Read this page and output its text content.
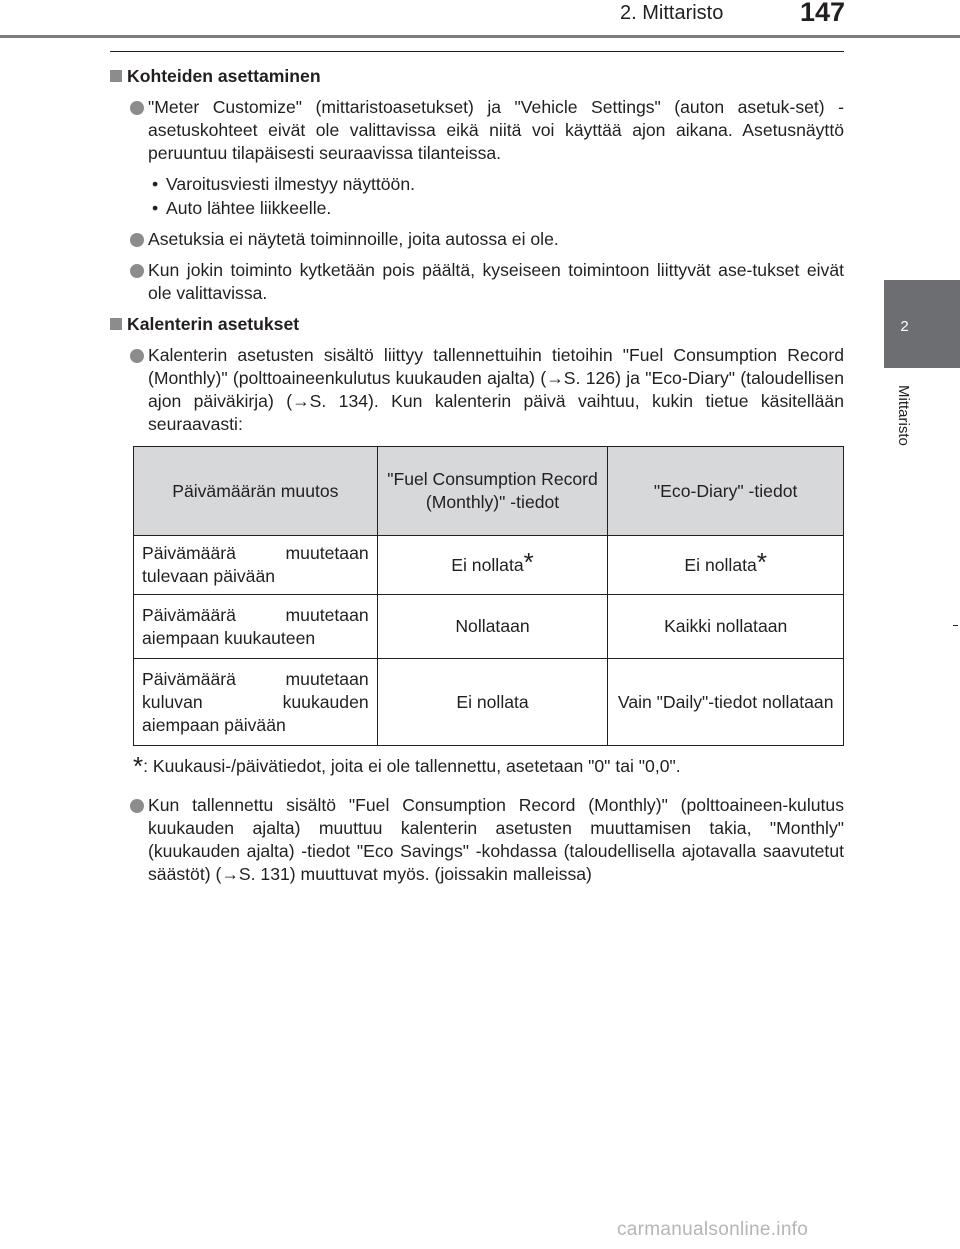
2. Mittaristo	147
2
Mittaristo
Kohteiden asettaminen
"Meter Customize" (mittaristoasetukset) ja "Vehicle Settings" (auton asetuk-set) -asetuskohteet eivät ole valittavissa eikä niitä voi käyttää ajon aikana. Asetusnäyttö peruuntuu tilapäisesti seuraavissa tilanteissa.
• Varoitusviesti ilmestyy näyttöön.
• Auto lähtee liikkeelle.
Asetuksia ei näytetä toiminnoille, joita autossa ei ole.
Kun jokin toiminto kytketään pois päältä, kyseiseen toimintoon liittyvät ase-tukset eivät ole valittavissa.
Kalenterin asetukset
Kalenterin asetusten sisältö liittyy tallennettuihin tietoihin "Fuel Consumption Record (Monthly)" (polttoaineenkulutus kuukauden ajalta) (→S. 126) ja "Eco-Diary" (taloudellisen ajon päiväkirja) (→S. 134). Kun kalenterin päivä vaihtuu, kukin tietue käsitellään seuraavasti:
Päivämäärän muutos	"Fuel Consumption Record (Monthly)" -tiedot	"Eco-Diary" -tiedot
Päivämäärä muutetaan tulevaan päivään	Ei nollata*	Ei nollata*
Päivämäärä muutetaan aiempaan kuukauteen	Nollataan	Kaikki nollataan
Päivämäärä muutetaan kuluvan kuukauden aiempaan päivään	Ei nollata	Vain "Daily"-tiedot nollataan
*: Kuukausi-/päivätiedot, joita ei ole tallennettu, asetetaan "0" tai "0,0".
Kun tallennettu sisältö "Fuel Consumption Record (Monthly)" (polttoaineen-kulutus kuukauden ajalta) muuttuu kalenterin asetusten muuttamisen takia, "Monthly" (kuukauden ajalta) -tiedot "Eco Savings" -kohdassa (taloudellisella ajotavalla saavutetut säästöt) (→S. 131) muuttuvat myös. (joissakin malleissa)
carmanualsonline.info
